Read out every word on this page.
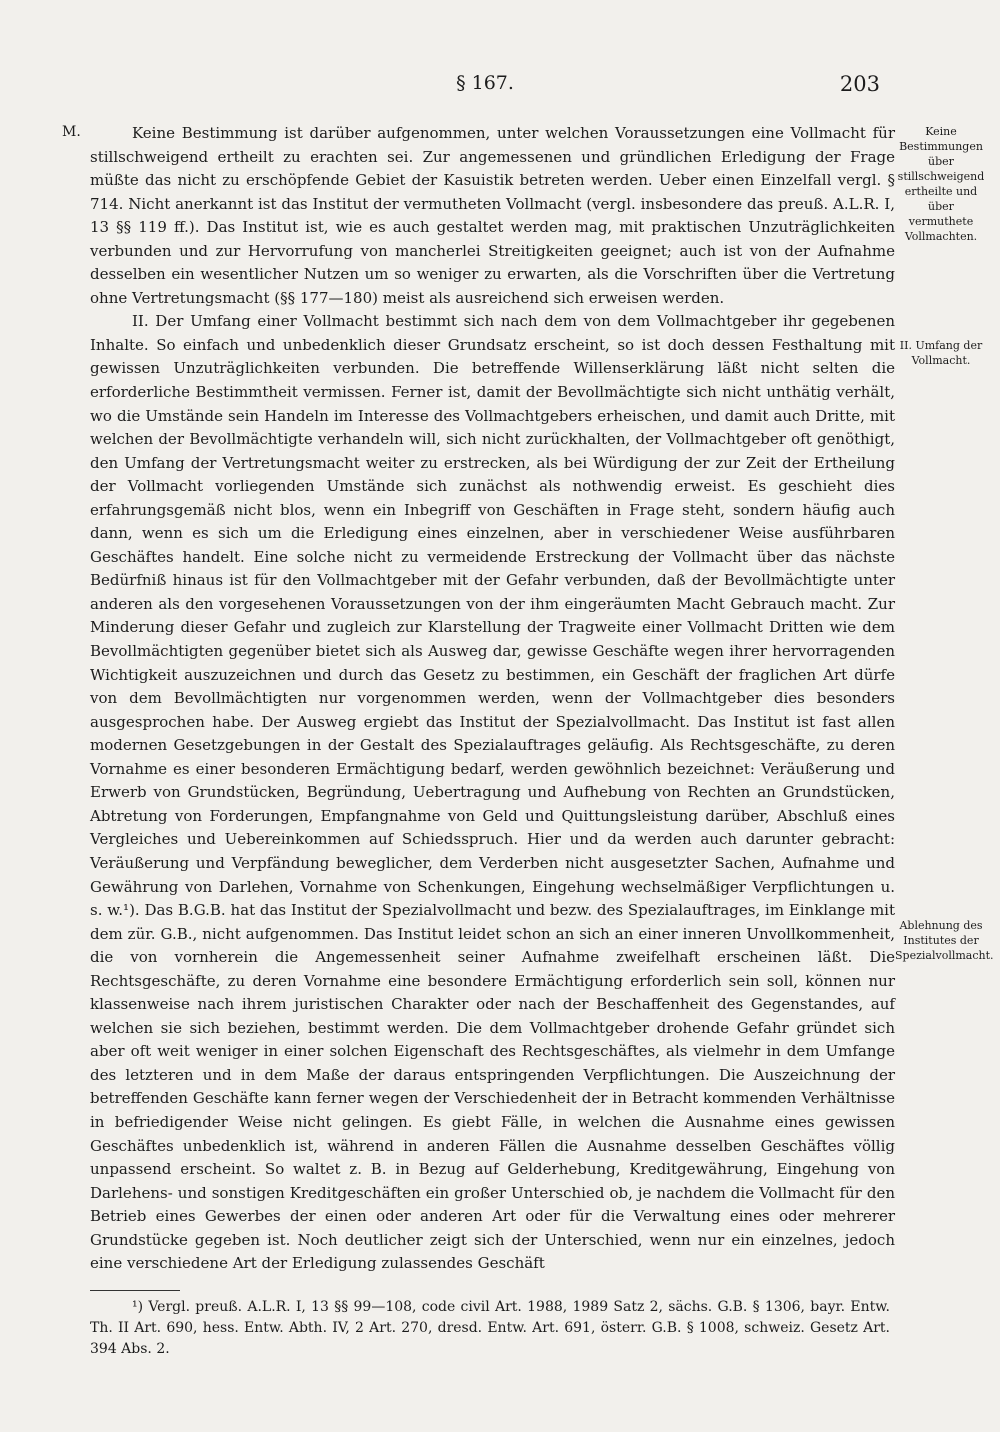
§ 167.	203
M.	Keine Bestimmung ist darüber aufgenommen, unter welchen Voraussetzungen eine Vollmacht für stillschweigend ertheilt zu erachten sei. Zur angemessenen und gründlichen Erledigung der Frage müßte das nicht zu erschöpfende Gebiet der Kasuistik betreten werden. Ueber einen Einzelfall vergl. § 714. Nicht anerkannt ist das Institut der vermutheten Vollmacht (vergl. insbesondere das preuß. A.L.R. I, 13 §§ 119 ff.). Das Institut ist, wie es auch gestaltet werden mag, mit praktischen Unzuträglichkeiten verbunden und zur Hervorrufung von mancherlei Streitigkeiten geeignet; auch ist von der Aufnahme desselben ein wesentlicher Nutzen um so weniger zu erwarten, als die Vorschriften über die Vertretung ohne Vertretungsmacht (§§ 177—180) meist als ausreichend sich erweisen werden.

II. Der Umfang einer Vollmacht bestimmt sich nach dem von dem Vollmachtgeber ihr gegebenen Inhalte. So einfach und unbedenklich dieser Grundsatz erscheint, so ist doch dessen Festhaltung mit gewissen Unzuträglichkeiten verbunden. Die betreffende Willenserklärung läßt nicht selten die erforderliche Bestimmtheit vermissen. Ferner ist, damit der Bevollmächtigte sich nicht unthätig verhält, wo die Umstände sein Handeln im Interesse des Vollmachtgebers erheischen, und damit auch Dritte, mit welchen der Bevollmächtigte verhandeln will, sich nicht zurückhalten, der Vollmachtgeber oft genöthigt, den Umfang der Vertretungsmacht weiter zu erstrecken, als bei Würdigung der zur Zeit der Ertheilung der Vollmacht vorliegenden Umstände sich zunächst als nothwendig erweist. Es geschieht dies erfahrungsgemäß nicht blos, wenn ein Inbegriff von Geschäften in Frage steht, sondern häufig auch dann, wenn es sich um die Erledigung eines einzelnen, aber in verschiedener Weise ausführbaren Geschäftes handelt. Eine solche nicht zu vermeidende Erstreckung der Vollmacht über das nächste Bedürfniß hinaus ist für den Vollmachtgeber mit der Gefahr verbunden, daß der Bevollmächtigte unter anderen als den vorgesehenen Voraussetzungen von der ihm eingeräumten Macht Gebrauch macht. Zur Minderung dieser Gefahr und zugleich zur Klarstellung der Tragweite einer Vollmacht Dritten wie dem Bevollmächtigten gegenüber bietet sich als Ausweg dar, gewisse Geschäfte wegen ihrer hervorragenden Wichtigkeit auszuzeichnen und durch das Gesetz zu bestimmen, ein Geschäft der fraglichen Art dürfe von dem Bevollmächtigten nur vorgenommen werden, wenn der Vollmachtgeber dies besonders ausgesprochen habe. Der Ausweg ergiebt das Institut der Spezialvollmacht. Das Institut ist fast allen modernen Gesetzgebungen in der Gestalt des Spezialauftrages geläufig. Als Rechtsgeschäfte, zu deren Vornahme es einer besonderen Ermächtigung bedarf, werden gewöhnlich bezeichnet: Veräußerung und Erwerb von Grundstücken, Begründung, Uebertragung und Aufhebung von Rechten an Grundstücken, Abtretung von Forderungen, Empfangnahme von Geld und Quittungsleistung darüber, Abschluß eines Vergleiches und Uebereinkommen auf Schiedsspruch. Hier und da werden auch darunter gebracht: Veräußerung und Verpfändung beweglicher, dem Verderben nicht ausgesetzter Sachen, Aufnahme und Gewährung von Darlehen, Vornahme von Schenkungen, Eingehung wechselmäßiger Verpflichtungen u. s. w.¹). Das B.G.B. hat das Institut der Spezialvollmacht und bezw. des Spezialauftrages, im Einklange mit dem zür. G.B., nicht aufgenommen. Das Institut leidet schon an sich an einer inneren Unvollkommenheit, die von vornherein die Angemessenheit seiner Aufnahme zweifelhaft erscheinen läßt. Die Rechtsgeschäfte, zu deren Vornahme eine besondere Ermächtigung erforderlich sein soll, können nur klassenweise nach ihrem juristischen Charakter oder nach der Beschaffenheit des Gegenstandes, auf welchen sie sich beziehen, bestimmt werden. Die dem Vollmachtgeber drohende Gefahr gründet sich aber oft weit weniger in einer solchen Eigenschaft des Rechtsgeschäftes, als vielmehr in dem Umfange des letzteren und in dem Maße der daraus entspringenden Verpflichtungen. Die Auszeichnung der betreffenden Geschäfte kann ferner wegen der Verschiedenheit der in Betracht kommenden Verhältnisse in befriedigender Weise nicht gelingen. Es giebt Fälle, in welchen die Ausnahme eines gewissen Geschäftes unbedenklich ist, während in anderen Fällen die Ausnahme desselben Geschäftes völlig unpassend erscheint. So waltet z. B. in Bezug auf Gelderhebung, Kreditgewährung, Eingehung von Darlehens- und sonstigen Kreditgeschäften ein großer Unterschied ob, je nachdem die Vollmacht für den Betrieb eines Gewerbes der einen oder anderen Art oder für die Verwaltung eines oder mehrerer Grundstücke gegeben ist. Noch deutlicher zeigt sich der Unterschied, wenn nur ein einzelnes, jedoch eine verschiedene Art der Erledigung zulassendes Geschäft

Keine Bestimmungen über stillschweigend ertheilte und über vermuthete Vollmachten.
II. Umfang der Vollmacht.
Ablehnung des Institutes der Spezialvollmacht.
¹) Vergl. preuß. A.L.R. I, 13 §§ 99—108, code civil Art. 1988, 1989 Satz 2, sächs. G.B. § 1306, bayr. Entw. Th. II Art. 690, hess. Entw. Abth. IV, 2 Art. 270, dresd. Entw. Art. 691, österr. G.B. § 1008, schweiz. Gesetz Art. 394 Abs. 2.
